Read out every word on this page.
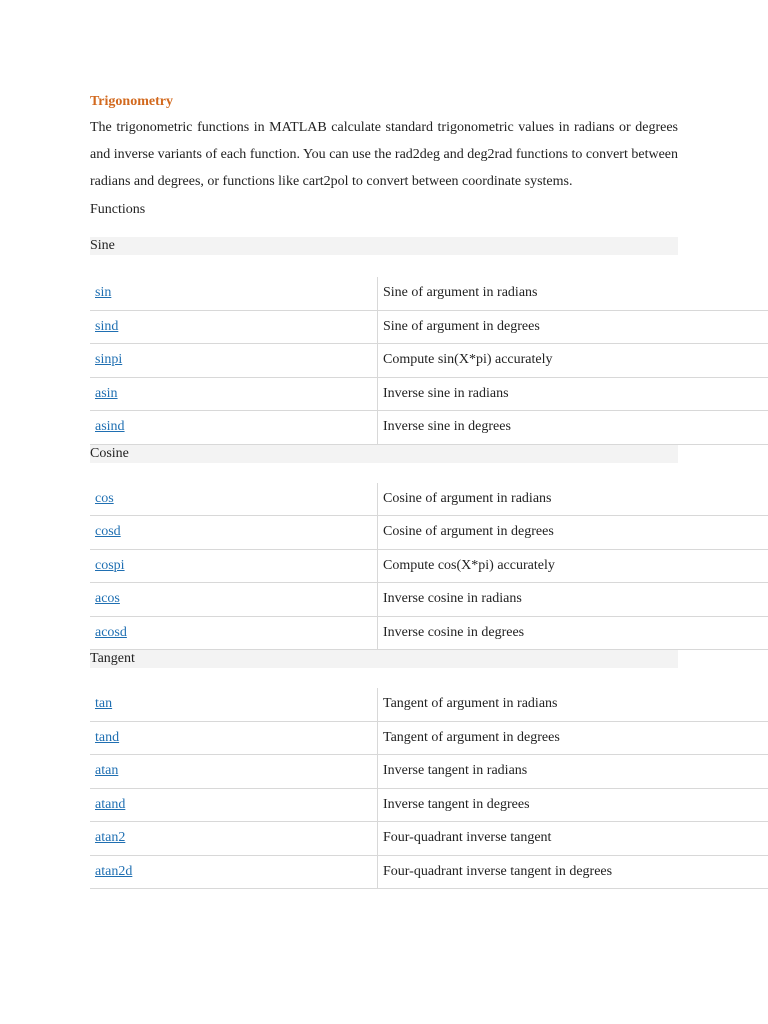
Trigonometry

The trigonometric functions in MATLAB calculate standard trigonometric values in radians or degrees and inverse variants of each function. You can use the rad2deg and deg2rad functions to convert between radians and degrees, or functions like cart2pol to convert between coordinate systems.

Functions
Sine
sin	Sine of argument in radians
sind	Sine of argument in degrees
sinpi	Compute sin(X*pi) accurately
asin	Inverse sine in radians
asind	Inverse sine in degrees
Cosine
cos	Cosine of argument in radians
cosd	Cosine of argument in degrees
cospi	Compute cos(X*pi) accurately
acos	Inverse cosine in radians
acosd	Inverse cosine in degrees
Tangent
tan	Tangent of argument in radians
tand	Tangent of argument in degrees
atan	Inverse tangent in radians
atand	Inverse tangent in degrees
atan2	Four-quadrant inverse tangent
atan2d	Four-quadrant inverse tangent in degrees
